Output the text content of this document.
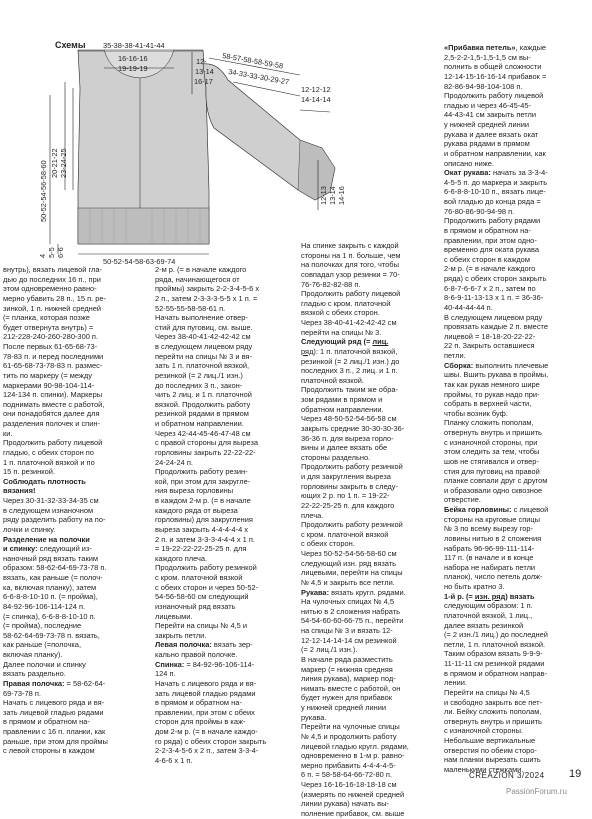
Схемы 35-38-38-41-41-44
16-16-16
19-19-19	58-57-58-58-59-58
34-33-33-30-29-27
12-12-12
14-14-14
12-
13-14
16-17
20-21-22
23-24-25
50-52-54-56-58-60
4
5-5
6-6
12-13
13-14
14-16
50-52-54-58-63-69-74

внутрь), вязать лицевой гла-

дью до последних 16 п., при

этом одновременно равно-

мерно убавить 28 п., 15 п. ре-

зинкой, 1 п. нижней средней

(= планка, которая позже

будет отвернута внутрь) =

212-228-240-260-280-300 п.

После первых 61-65-68-73-

78-83 п. и перед последними

61-65-68-73-78-83 п. размес-

тить по маркеру (= между

маркерами 90-98-104-114-

124-134 п. спинки). Маркеры

поднимать вместе с работой,

они понадобятся далее для

разделения полочек и спин-

ки.

Продолжить работу лицевой

гладью, с обеих сторон по

1 п. платочной вязкой и по

15 п. резинкой.

Соблюдать плотность

вязания!

Через 30-31-32-33-34-35 см

в следующем изнаночном

ряду разделить работу на по-

лочки и спинку.

Разделение на полочки

и спинку: следующий из-

наночный ряд вязать таким

образом: 58-62-64-69-73-78 п.

вязать, как раньше (= полоч-

ка, включая планку), затем

6-6-8-8-10-10 п. (= пройма),

84-92-96-106-114-124 п.

(= спинка), 6-6-8-8-10-10 п.

(= пройма), последние

58-62-64-69-73-78 п. вязать,

как раньше (=полочка,

включая планку).

Далее полочки и спинку

вязать раздельно.

Правая полочка: = 58-62-64-

69-73-78 п.

Начать с лицевого ряда и вя-

зать лицевой гладью рядами

в прямом и обратном на-

правлении с 16 п. планки, как

раньше, при этом для проймы

с левой стороны в каждом

2-м р. (= в начале каждого

ряда, начинающегося от

проймы) закрыть 2-2-3-4-5-6 х

2 п., затем 2-3-3-3-5-5 х 1 п. =

52-55-55-58-58-61 п.

Начать выполнение отвер-

стий для пуговиц, см. выше.

Через 38-40-41-42-42-42 см

в следующем лицевом ряду

перейти на спицы № 3 и вя-

зать 1 п. платочной вязкой,

резинкой (= 2 лиц./1 изн.)

до последних 3 п., закон-

чить 2 лиц. и 1 п. платочной

вязкой. Продолжить работу

резинкой рядами в прямом

и обратном направлении.

Через 42-44-45-46-47-48 см

с правой стороны для выреза

горловины закрыть 22-22-22-

24-24-24 п.

Продолжить работу резин-

кой, при этом для закругле-

ния выреза горловины

в каждом 2-м р. (= в начале

каждого ряда от выреза

горловины) для закругления

выреза закрыть 4-4-4-4-4 х

2 п. и затем 3-3-3-4-4-4 х 1 п.

= 19-22-22-22-25-25 п. для

каждого плеча.

Продолжить работу резинкой

с кром. платочной вязкой

с обеих сторон и через 50-52-

54-56-58-60 см следующий

изнаночный ряд вязать

лицевыми.

Перейти на спицы № 4,5 и

закрыть петли.

Левая полочка: вязать зер-

кально правой полочке.

Спинка: = 84-92-96-106-114-

124 п.

Начать с лицевого ряда и вя-

зать лицевой гладью рядами

в прямом и обратном на-

правлении, при этом с обеих

сторон для проймы в каж-

дом 2-м р. (= в начале каждо-

го ряда) с обеих сторон закрыть

2-2-3-4-5-6 х 2 п., затем 3-3-4-

4-6-6 х 1 п.

На спинке закрыть с каждой

стороны на 1 п. больше, чем

на полочках для того, чтобы

совпадал узор резинки = 70-

76-76-82-82-88 п.

Продолжить работу лицевой

гладью с кром. платочной

вязкой с обеих сторон.

Через 38-40-41-42-42-42 см

перейти на спицы № 3.

Следующий ряд (= лиц.

ряд): 1 п. платочной вязкой,

резинкой (= 2 лиц./1 изн.) до

последних 3 п., 2 лиц. и 1 п.

платочной вязкой.

Продолжить таким же обра-

зом рядами в прямом и

обратном направлении.

Через 48-50-52-54-56-58 см

закрыть средние 30-30-30-36-

36-36 п. для выреза горло-

вины и далее вязать обе

стороны раздельно.

Продолжить работу резинкой

и для закругления выреза

горловины закрыть в следу-

ющих 2 р. по 1 п. = 19-22-

22-22-25-25 п. для каждого

плеча.

Продолжить работу резинкой

с кром. платочной вязкой

с обеих сторон.

Через 50-52-54-56-58-60 см

следующий изн. ряд вязать

лицевыми, перейти на спицы

№ 4,5 и закрыть все петли.

Рукава: вязать кругл. рядами.

На чулочных спицах № 4,5

нитью в 2 сложения набрать

54-54-60-60-66-75 п., перейти

на спицы № 3 и вязать 12-

12-12-14-14-14 см резинкой

(= 2 лиц./1 изн.).

В начале ряда разместить

маркер (= нижняя средняя

линия рукава), маркер под-

нимать вместе с работой, он

будет нужен для прибавок

у нижней средней линии

рукава.

Перейти на чулочные спицы

№ 4,5 и продолжить работу

лицевой гладью кругл. рядами,

одновременно в 1-м р. равно-

мерно прибавить 4-4-4-4-5-

6 п. = 58-58-64-66-72-80 п.

Через 16-16-16-18-18-18 см

(измерять по нижней средней

линии рукава) начать вы-

полнение прибавок, см. выше

«Прибавка петель», каждые

2,5-2-2-1,5-1,5-1,5 см вы-

полнить в общей сложности

12-14-15-16-16-14 прибавок =

82-86-94-98-104-108 п.

Продолжить работу лицевой

гладью и через 46-45-45-

44-43-41 см закрыть петли

у нижней средней линии

рукава и далее вязать окат

рукава рядами в прямом

и обратном направлении, как

описано ниже.

Окат рукава: начать за 3-3-4-

4-5-5 п. до маркера и закрыть

6-6-8-8-10-10 п., вязать лице-

вой гладью до конца ряда =

76-80-86-90-94-98 п.

Продолжить работу рядами

в прямом и обратном на-

правлении, при этом одно-

временно для оката рукава

с обеих сторон в каждом

2-м р. (= в начале каждого

ряда) с обеих сторон закрыть

6-8-7-6-6-7 х 2 п., затем по

8-6-9-11-13-13 х 1 п. = 36-36-

40-44-44-44 п.

В следующем лицевом ряду

провязать каждые 2 п. вместе

лицевой = 18-18-20-22-22-

22 п. Закрыть оставшиеся

петли.

Сборка: выполнить плечевые

швы. Вшить рукава в проймы,

так как рукав немного шире

проймы, то рукав надо при-

собрать в верхней части,

чтобы возник буф.

Планку сложить пополам,

отвернуть внутрь и пришить

с изнаночной стороны, при

этом следить за тем, чтобы

шов не стягивался и отвер-

стия для пуговиц на правой

планке совпали друг с другом

и образовали одно сквозное

отверстие.

Бейка горловины: с лицевой

стороны на круговые спицы

№ 3 по всему вырезу гор-

ловины нитью в 2 сложения

набрать 96-96-99-111-114-

117 п. (в начале и в конце

набора не набирать петли

планок), число петель долж-

но быть кратно 3.

1-й р. (= изн. ряд) вязать

следующим образом: 1 п.

платочной вязкой, 1 лиц.,

далее вязать резинкой

(= 2 изн./1 лиц.) до последней

петли, 1 п. платочной вязкой.

Таким образом вязать 9-9-9-

11-11-11 см резинкой рядами

в прямом и обратном направ-

лении.

Перейти на спицы № 4,5

и свободно закрыть все пет-

ли. Бейку сложить пополам,

отвернуть внутрь и пришить

с изнаночной стороны.

Небольшие вертикальные

отверстия по обеим сторо-

нам планки вырезать сшить

маленькими стежками.

CREAZION 3/2024 19
PassionForum.ru
